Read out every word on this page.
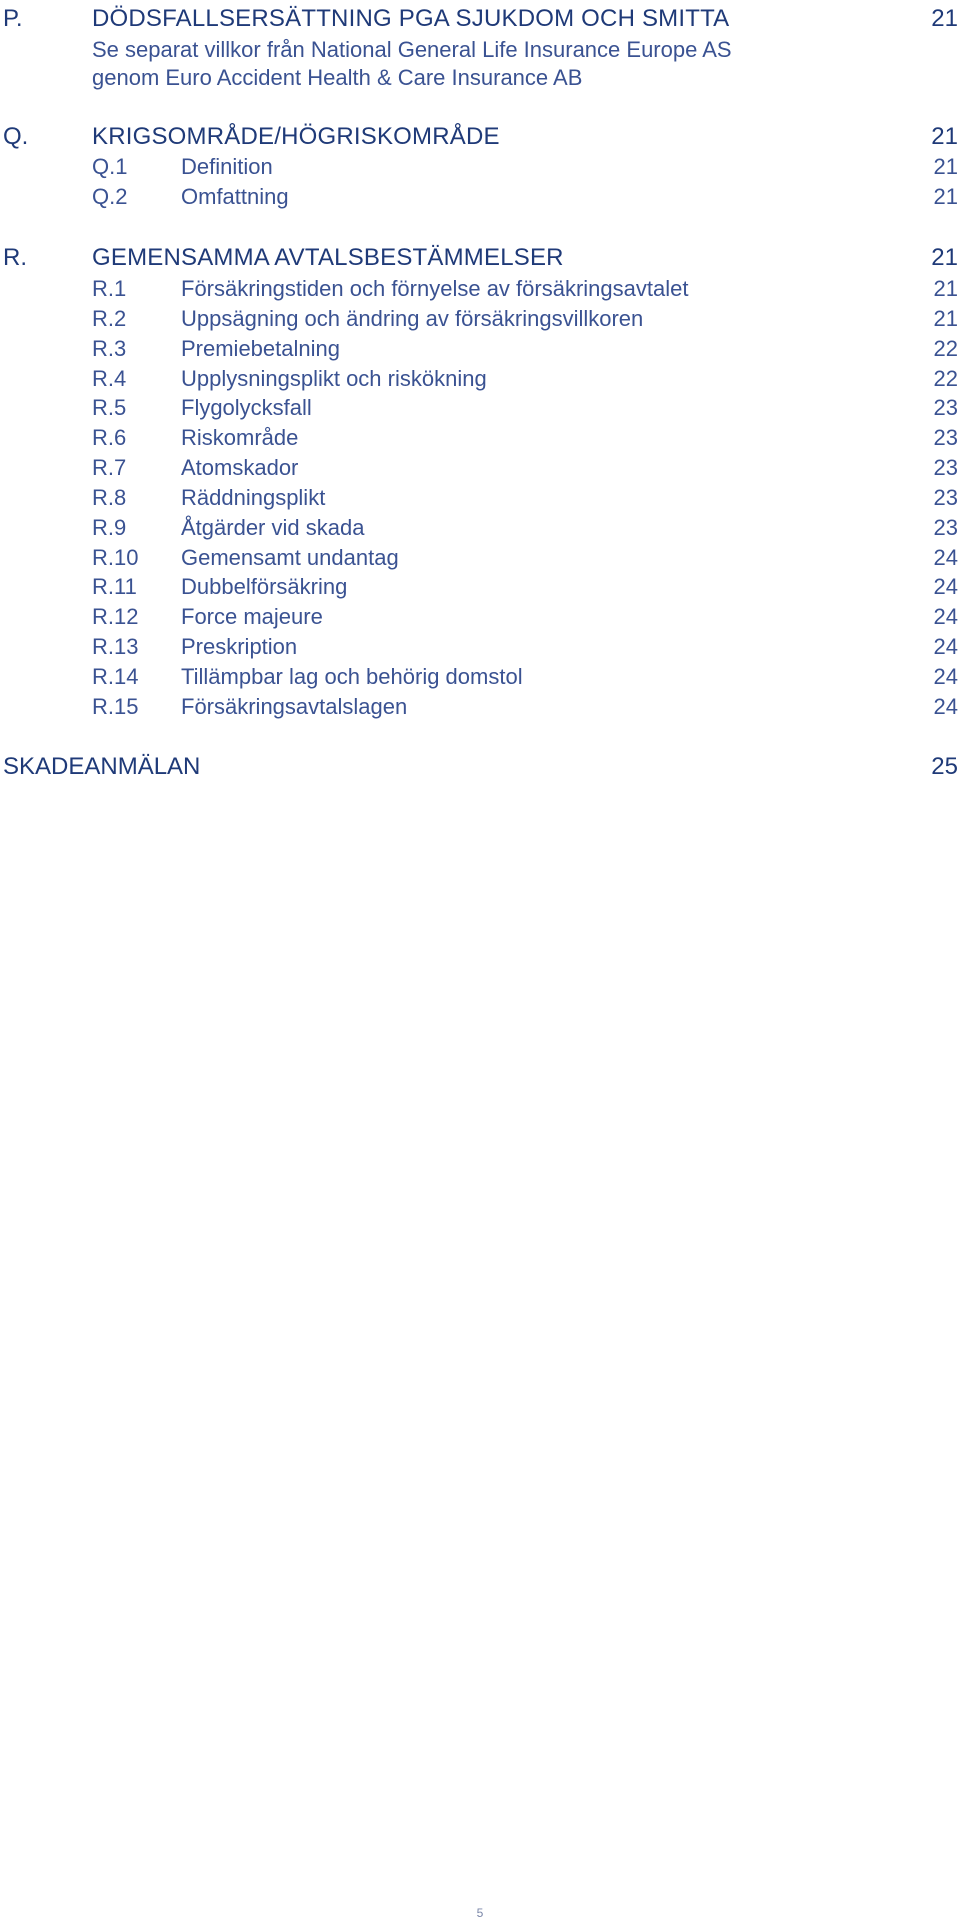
P.	DÖDSFALLSERSÄTTNING PGA SJUKDOM OCH SMITTA	21
Se separat villkor från National General Life Insurance Europe AS
genom Euro Accident Health & Care Insurance AB
Q.	KRIGSOMRÅDE/HÖGRISKOMRÅDE	21
Q.1 Definition	21
Q.2 Omfattning	21
R.	GEMENSAMMA AVTALSBESTÄMMELSER	21
R.1 Försäkringstiden och förnyelse av försäkringsavtalet	21
R.2 Uppsägning och ändring av försäkringsvillkoren	21
R.3 Premiebetalning	22
R.4 Upplysningsplikt och riskökning	22
R.5 Flygolycksfall	23
R.6 Riskområde	23
R.7 Atomskador	23
R.8 Räddningsplikt	23
R.9 Åtgärder vid skada	23
R.10 Gemensamt undantag	24
R.11 Dubbelförsäkring	24
R.12 Force majeure	24
R.13 Preskription	24
R.14 Tillämpbar lag och behörig domstol	24
R.15 Försäkringsavtalslagen	24
SKADEANMÄLAN	25
5
